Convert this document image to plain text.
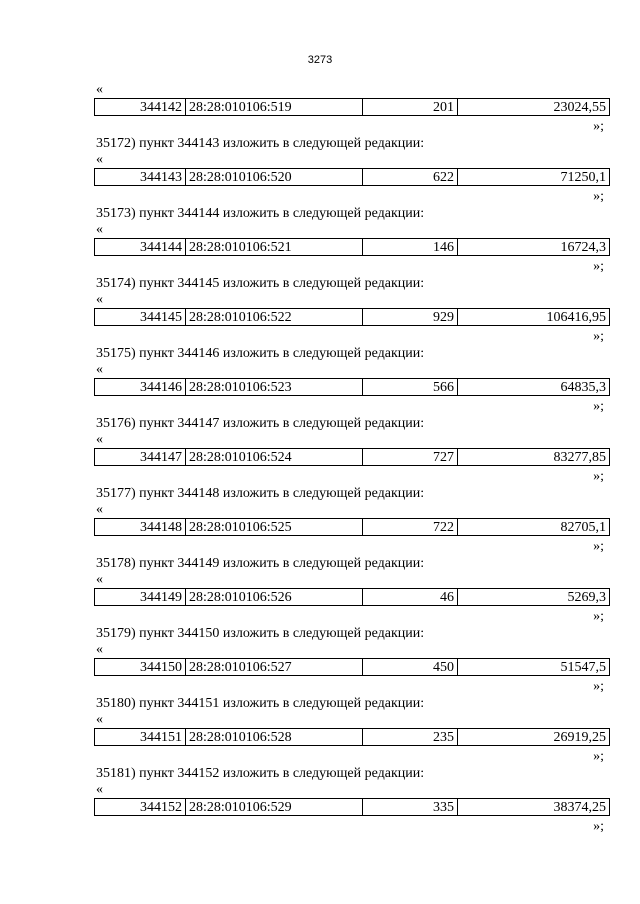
3273
«
344142	28:28:010106:519	201	23024,55
»;
35172) пункт 344143 изложить в следующей редакции:
«
344143	28:28:010106:520	622	71250,1
»;
35173) пункт 344144 изложить в следующей редакции:
«
344144	28:28:010106:521	146	16724,3
»;
35174) пункт 344145 изложить в следующей редакции:
«
344145	28:28:010106:522	929	106416,95
»;
35175) пункт 344146 изложить в следующей редакции:
«
344146	28:28:010106:523	566	64835,3
»;
35176) пункт 344147 изложить в следующей редакции:
«
344147	28:28:010106:524	727	83277,85
»;
35177) пункт 344148 изложить в следующей редакции:
«
344148	28:28:010106:525	722	82705,1
»;
35178) пункт 344149 изложить в следующей редакции:
«
344149	28:28:010106:526	46	5269,3
»;
35179) пункт 344150 изложить в следующей редакции:
«
344150	28:28:010106:527	450	51547,5
»;
35180) пункт 344151 изложить в следующей редакции:
«
344151	28:28:010106:528	235	26919,25
»;
35181) пункт 344152 изложить в следующей редакции:
«
344152	28:28:010106:529	335	38374,25
»;
